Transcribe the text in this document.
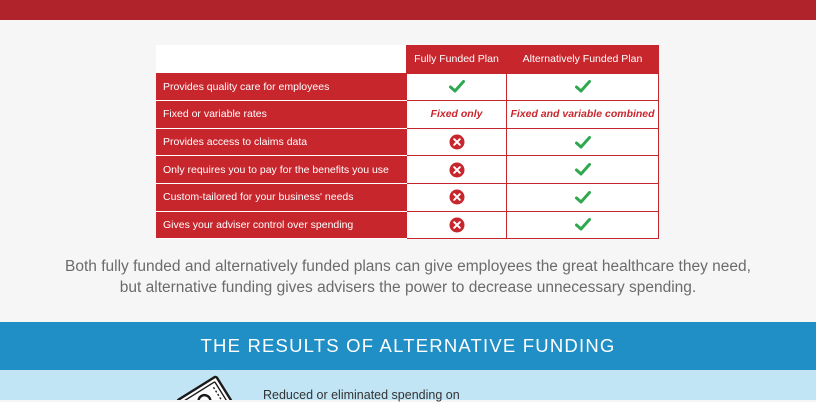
	Fully Funded Plan	Alternatively Funded Plan
Provides quality care for employees		
Fixed or variable rates	Fixed only	Fixed and variable combined
Provides access to claims data		
Only requires you to pay for the benefits you use		
Custom-tailored for your business' needs		
Gives your adviser control over spending		
Both fully funded and alternatively funded plans can give employees the great healthcare they need,
but alternative funding gives advisers the power to decrease unnecessary spending.
THE RESULTS OF ALTERNATIVE FUNDING
Reduced or eliminated spending on
